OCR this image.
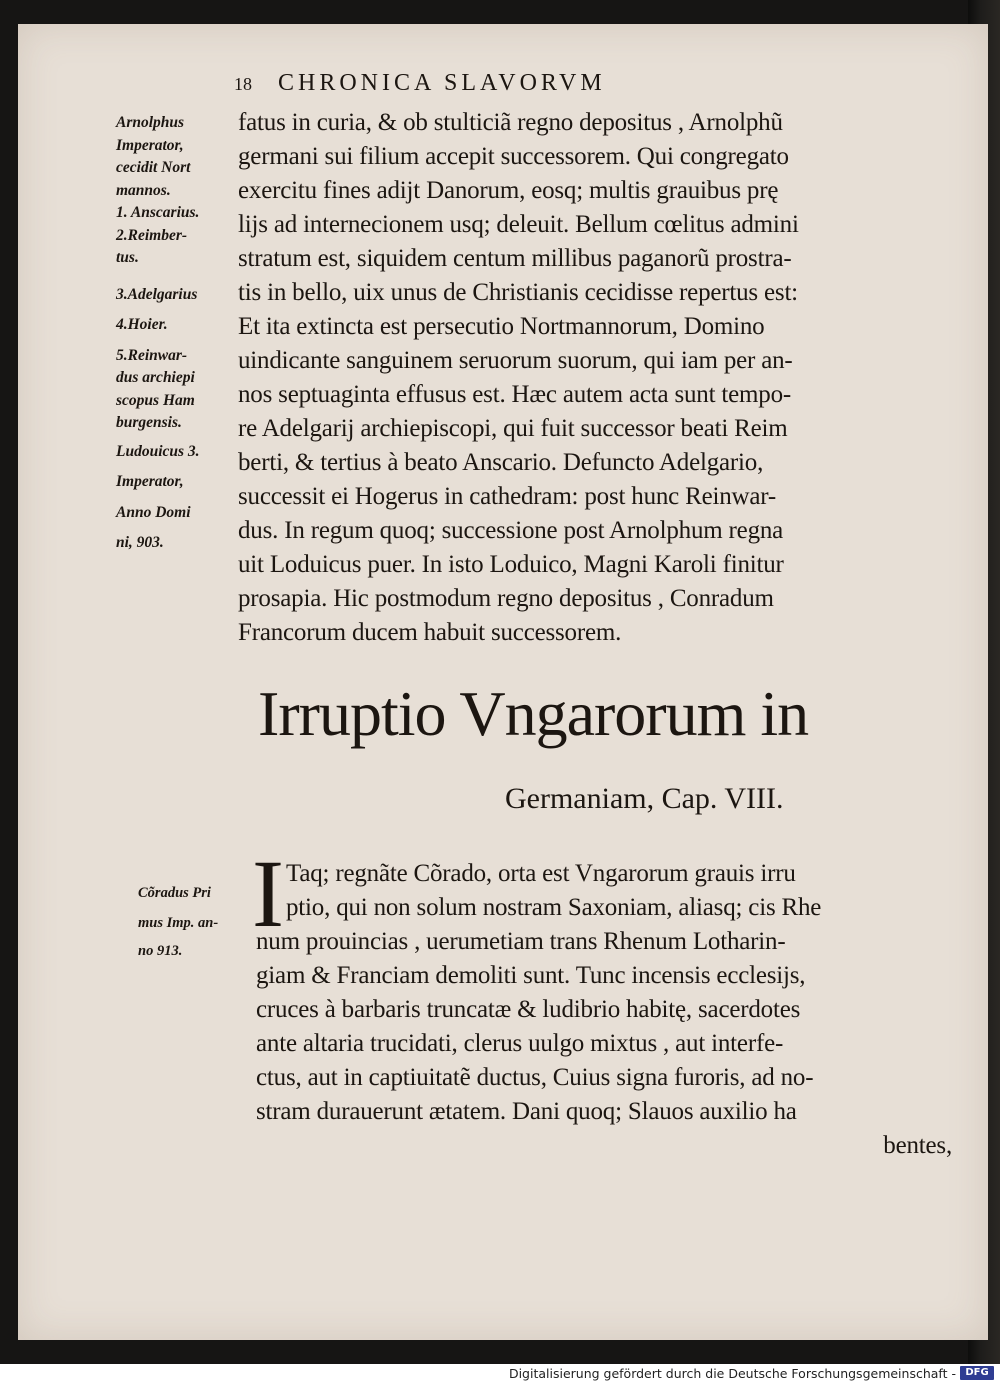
18 CHRONICA SLAVORVM

Arnolphus

Imperator,

cecidit Nort

mannos.

1. Anscarius.

2.Reimber-

tus.

3.Adelgarius

4.Hoier.

5.Reinwar-

dus archiepi

scopus Ham

burgensis.

Ludouicus 3.

Imperator,

Anno Domi

ni, 903.

fatus in curia, & ob stulticiã regno depositus , Arnolphũ
germani sui filium accepit successorem. Qui congregato
exercitu fines adijt Danorum, eosq; multis grauibus prę
lijs ad internecionem usq; deleuit. Bellum cœlitus admini
stratum est, siquidem centum millibus paganorũ prostra-
tis in bello, uix unus de Christianis cecidisse repertus est:
Et ita extincta est persecutio Nortmannorum, Domino
uindicante sanguinem seruorum suorum, qui iam per an-
nos septuaginta effusus est. Hæc autem acta sunt tempo-
re Adelgarij archiepiscopi, qui fuit successor beati Reim
berti, & tertius à beato Anscario. Defuncto Adelgario,
successit ei Hogerus in cathedram: post hunc Reinwar-
dus. In regum quoq; successione post Arnolphum regna
uit Loduicus puer. In isto Loduico, Magni Karoli finitur
prosapia. Hic postmodum regno depositus , Conradum
Francorum ducem habuit successorem.
Irruptio Vngarorum in
Germaniam, Cap. VIII.

Cõradus Pri

mus Imp. an-

no 913.

I Taq; regnãte Cõrado, orta est Vngarorum grauis irru
ptio, qui non solum nostram Saxoniam, aliasq; cis Rhe
num prouincias , uerumetiam trans Rhenum Lotharin-
giam & Franciam demoliti sunt. Tunc incensis ecclesijs,
cruces à barbaris truncatæ & ludibrio habitę, sacerdotes
ante altaria trucidati, clerus uulgo mixtus , aut interfe-
ctus, aut in captiuitatẽ ductus, Cuius signa furoris, ad no-
stram durauerunt ætatem. Dani quoq; Slauos auxilio ha
bentes,
Digitalisierung gefördert durch die Deutsche Forschungsgemeinschaft - DFG
